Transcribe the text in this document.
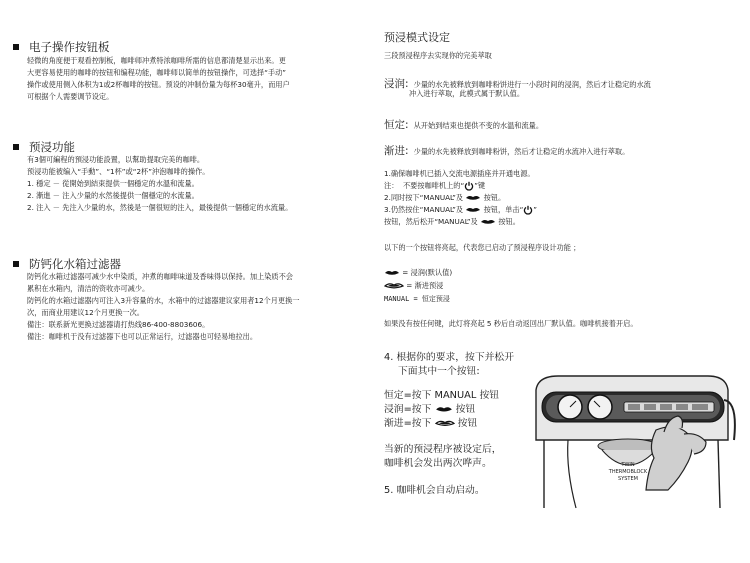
电子操作按钮板
轻微的角度便于观看控制板，咖啡师冲煮特浓咖啡所需的信息都清楚显示出来。更
大更容易使用的咖啡的按钮和编程功能，咖啡师以简单的按钮操作，可选择“手动”
操作或使用侧入体积为1或2杯咖啡的按钮。预设的冲制份量为每杯30毫升，而用户
可根据个人需要调节设定。
预浸功能
有3個可編程的預浸功能設置，以幫助提取完美的咖啡。
预浸功能被编入“手動”、“1杯”或“2杯”沖泡咖啡的操作。
1. 穩定 － 從開始到結束提供一個穩定的水溫和流量。
2. 漸進 － 注入少量的水然後提供一個穩定的水流量。
2. 注入 － 先注入少量的水，然後是一個很短的注入，最後提供一個穩定的水流量。
防钙化水箱过滤器
防钙化水箱过滤器可减少水中染质，冲煮的咖啡味道及香味得以保持。加上染质不会
累积在水箱内，清洁的资收亦可减少。
防钙化的水箱过滤器内可注入3升容量的水，水箱中的过滤器建议家用者12个月更换一
次，而商业用建议12个月更换一次。
備注：联系新光更换过滤器请打热线86-400-8803606。
備注：咖啡机于没有过滤器下也可以正常运行，过滤器也可轻易地拉出。
预浸模式设定
三段预浸程序去实现你的完美萃取
浸润: 少量的水先被释放到咖啡粉饼进行一小段时间的浸润，然后才让稳定的水流
冲入进行萃取，此模式属于默认值。
恒定: 从开始到结束也提供不变的水温和流量。
渐进: 少量的水先被释放到咖啡粉饼，然后才让稳定的水流冲入进行萃取。
1.确保咖啡机已插入交流电源插座并开通电源。
注： 不要按咖啡机上的“ ”键
2.同时按下“MANUAL”及	按钮。
3.仍然按住“MANUAL”及	按钮，单击“ ”
按钮，然后松开“MANUAL”及	按钮。
以下的一个按钮将亮起，代表您已启动了预浸程序设计功能 ；
= 浸润(默认值)
= 渐进预浸
MANUAL = 恒定预浸
如果没有按任何键，此灯将亮起 5 秒后自动返回出厂默认值。咖啡机接着开启。
4. 根据你的要求，按下并松开
下面其中一个按钮:
恒定=按下 MANUAL 按钮
浸润=按下 按钮
渐进=按下	按钮
当新的预浸程序被设定后，
咖啡机会发出两次哗声。
5. 咖啡机会自动启动。
TWIN
THERMOBLOCK
SYSTEM
